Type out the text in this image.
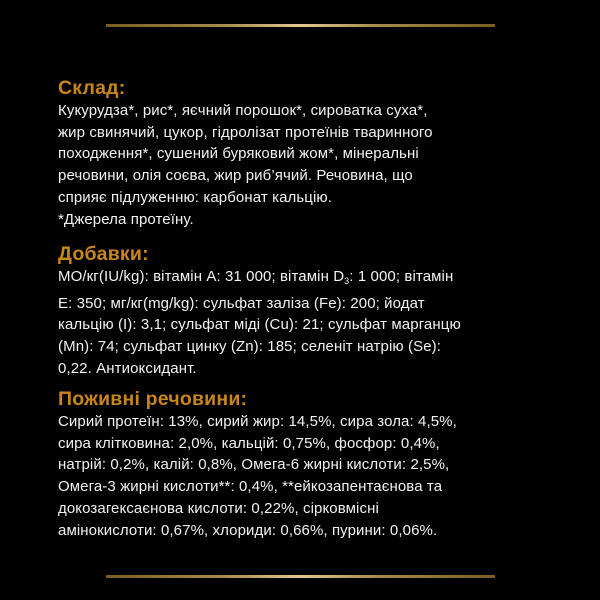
Склад:

Кукурудза*, рис*, яєчний порошок*, сироватка суха*,
жир свинячий, цукор, гідролізат протеїнів тваринного
походження*, сушений буряковий жом*, мінеральні
речовини, олія соєва, жир риб’ячий. Речовина, що
сприяє підлуженню: карбонат кальцію.
*Джерела протеїну.

Добавки:

МО/кг(IU/kg): вітамін А: 31 000; вітамін $D_3$: 1 000; вітамін
Е: 350; мг/кг(mg/kg): сульфат заліза (Fe): 200; йодат
кальцію (I): 3,1; сульфат міді (Cu): 21; сульфат марганцю
(Mn): 74; сульфат цинку (Zn): 185; селеніт натрію (Se):
0,22. Антиоксидант.

Поживні речовини:

Сирий протеїн: 13%, сирий жир: 14,5%, сира зола: 4,5%,
сира клітковина: 2,0%, кальцій: 0,75%, фосфор: 0,4%,
натрій: 0,2%, калій: 0,8%, Омега-6 жирні кислоти: 2,5%,
Омега-3 жирні кислоти**: 0,4%, **ейкозапентаєнова та
докозагексаєнова кислоти: 0,22%, сірковмісні
амінокислоти: 0,67%, хлориди: 0,66%, пурини: 0,06%.
